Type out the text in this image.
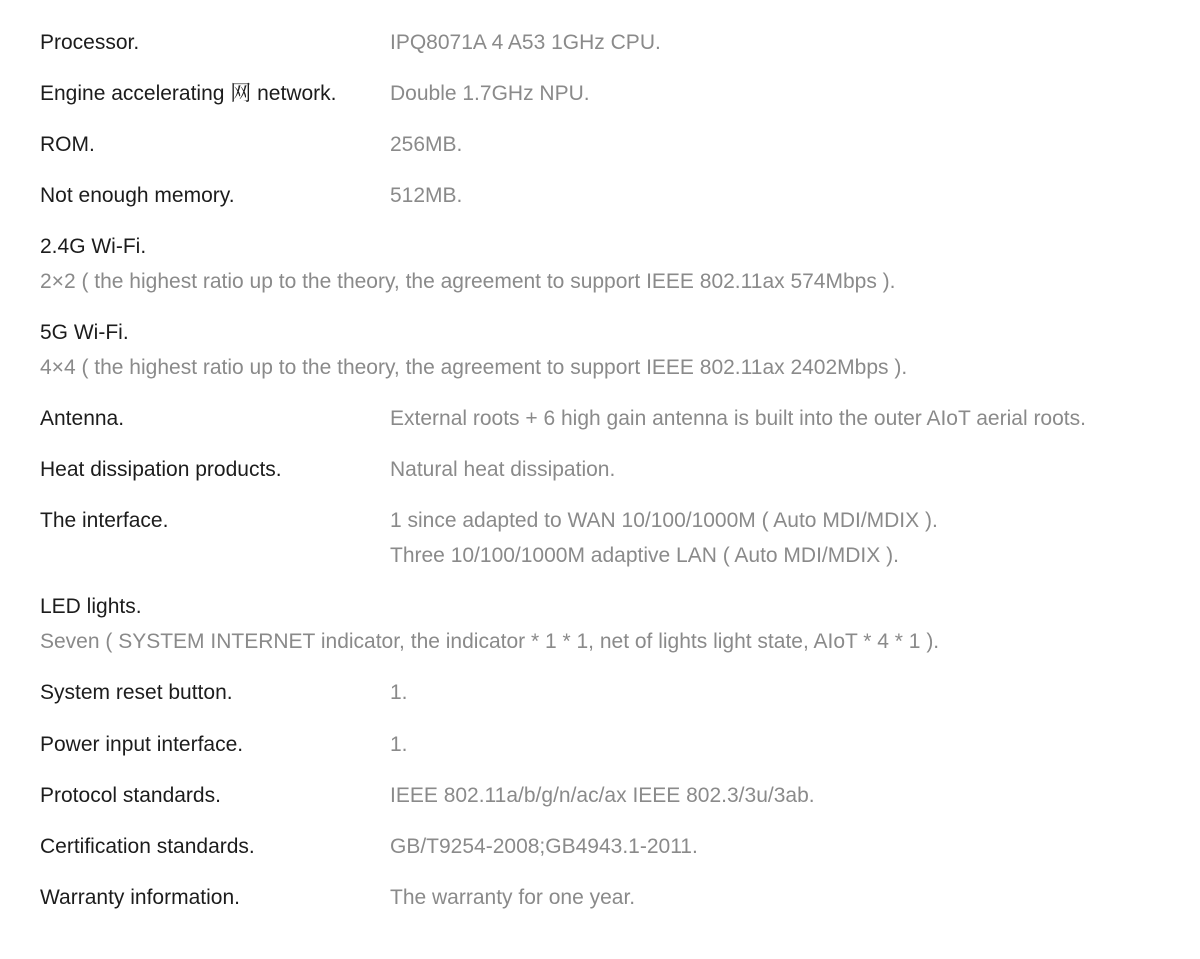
Processor.	IPQ8071A 4 A53 1GHz CPU.
Engine accelerating 网 network.	Double 1.7GHz NPU.
ROM.	256MB.
Not enough memory.	512MB.
2.4G Wi-Fi.
2×2 ( the highest ratio up to the theory, the agreement to support IEEE 802.11ax 574Mbps ).
5G Wi-Fi.
4×4 ( the highest ratio up to the theory, the agreement to support IEEE 802.11ax 2402Mbps ).
Antenna.	External roots + 6 high gain antenna is built into the outer AIoT aerial roots.
Heat dissipation products.	Natural heat dissipation.
The interface.	1 since adapted to WAN 10/100/1000M ( Auto MDI/MDIX ).
Three 10/100/1000M adaptive LAN ( Auto MDI/MDIX ).
LED lights.
Seven ( SYSTEM INTERNET indicator, the indicator * 1 * 1, net of lights light state, AIoT * 4 * 1 ).
System reset button.	1.
Power input interface.	1.
Protocol standards.	IEEE 802.11a/b/g/n/ac/ax IEEE 802.3/3u/3ab.
Certification standards.	GB/T9254-2008;GB4943.1-2011.
Warranty information.	The warranty for one year.
